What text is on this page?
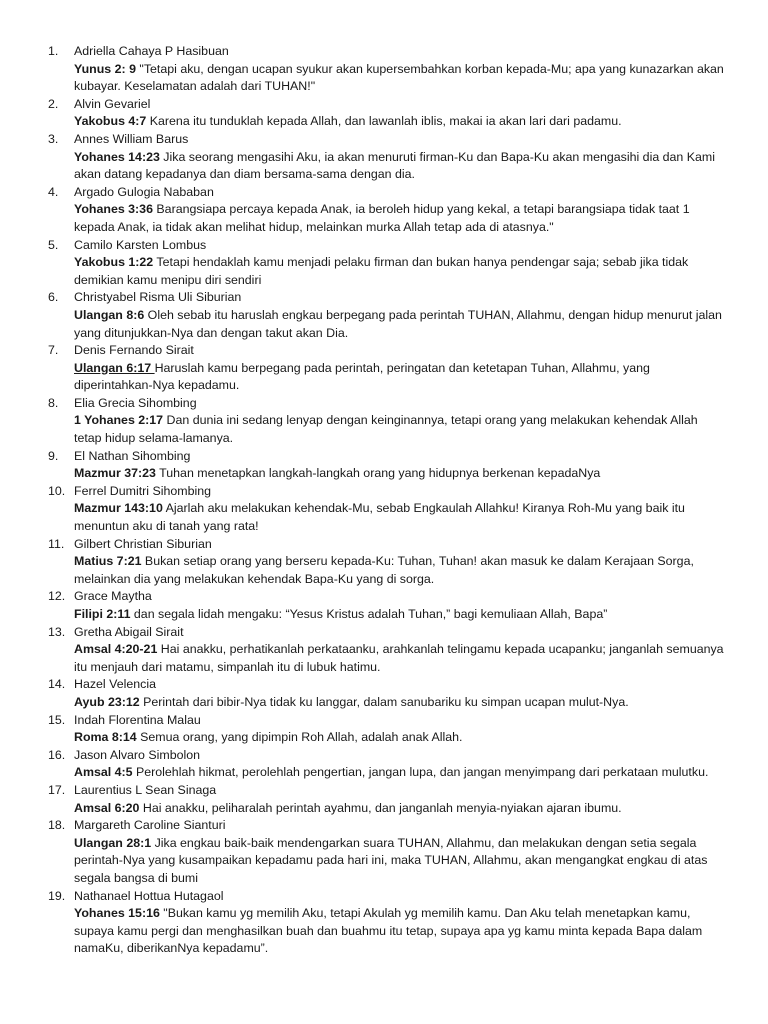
1. Adriella Cahaya P Hasibuan
Yunus 2: 9 "Tetapi aku, dengan ucapan syukur akan kupersembahkan korban kepada-Mu; apa yang kunazarkan akan kubayar. Keselamatan adalah dari TUHAN!"
2. Alvin Gevariel
Yakobus 4:7 Karena itu tunduklah kepada Allah, dan lawanlah iblis, makai ia akan lari dari padamu.
3. Annes William Barus
Yohanes 14:23 Jika seorang mengasihi Aku, ia akan menuruti firman-Ku dan Bapa-Ku akan mengasihi dia dan Kami akan datang kepadanya dan diam bersama-sama dengan dia.
4. Argado Gulogia Nababan
Yohanes 3:36 Barangsiapa percaya kepada Anak, ia beroleh hidup yang kekal, a tetapi barangsiapa tidak taat 1 kepada Anak, ia tidak akan melihat hidup, melainkan murka Allah tetap ada di atasnya."
5. Camilo Karsten Lombus
Yakobus 1:22 Tetapi hendaklah kamu menjadi pelaku firman dan bukan hanya pendengar saja; sebab jika tidak demikian kamu menipu diri sendiri
6. Christyabel Risma Uli Siburian
Ulangan 8:6 Oleh sebab itu haruslah engkau berpegang pada perintah TUHAN, Allahmu, dengan hidup menurut jalan yang ditunjukkan-Nya dan dengan takut akan Dia.
7. Denis Fernando Sirait
Ulangan 6:17 Haruslah kamu berpegang pada perintah, peringatan dan ketetapan Tuhan, Allahmu, yang diperintahkan-Nya kepadamu.
8. Elia Grecia Sihombing
1 Yohanes 2:17 Dan dunia ini sedang lenyap dengan keinginannya, tetapi orang yang melakukan kehendak Allah tetap hidup selama-lamanya.
9. El Nathan Sihombing
Mazmur 37:23 Tuhan menetapkan langkah-langkah orang yang hidupnya berkenan kepadaNya
10. Ferrel Dumitri Sihombing
Mazmur 143:10 Ajarlah aku melakukan kehendak-Mu, sebab Engkaulah Allahku! Kiranya Roh-Mu yang baik itu menuntun aku di tanah yang rata!
11. Gilbert Christian Siburian
Matius 7:21 Bukan setiap orang yang berseru kepada-Ku: Tuhan, Tuhan! akan masuk ke dalam Kerajaan Sorga, melainkan dia yang melakukan kehendak Bapa-Ku yang di sorga.
12. Grace Maytha
Filipi 2:11 dan segala lidah mengaku: “Yesus Kristus adalah Tuhan,” bagi kemuliaan Allah, Bapa”
13. Gretha Abigail Sirait
Amsal 4:20-21 Hai anakku, perhatikanlah perkataanku, arahkanlah telingamu kepada ucapanku; janganlah semuanya itu menjauh dari matamu, simpanlah itu di lubuk hatimu.
14. Hazel Velencia
Ayub 23:12 Perintah dari bibir-Nya tidak ku langgar, dalam sanubariku ku simpan ucapan mulut-Nya.
15. Indah Florentina Malau
Roma 8:14 Semua orang, yang dipimpin Roh Allah, adalah anak Allah.
16. Jason Alvaro Simbolon
Amsal 4:5 Perolehlah hikmat, perolehlah pengertian, jangan lupa, dan jangan menyimpang dari perkataan mulutku.
17. Laurentius L Sean Sinaga
Amsal 6:20 Hai anakku, peliharalah perintah ayahmu, dan janganlah menyia-nyiakan ajaran ibumu.
18. Margareth Caroline Sianturi
Ulangan 28:1 Jika engkau baik-baik mendengarkan suara TUHAN, Allahmu, dan melakukan dengan setia segala perintah-Nya yang kusampaikan kepadamu pada hari ini, maka TUHAN, Allahmu, akan mengangkat engkau di atas segala bangsa di bumi
19. Nathanael Hottua Hutagaol
Yohanes 15:16 "Bukan kamu yg memilih Aku, tetapi Akulah yg memilih kamu. Dan Aku telah menetapkan kamu, supaya kamu pergi dan menghasilkan buah dan buahmu itu tetap, supaya apa yg kamu minta kepada Bapa dalam namaKu, diberikanNya kepadamu”.
